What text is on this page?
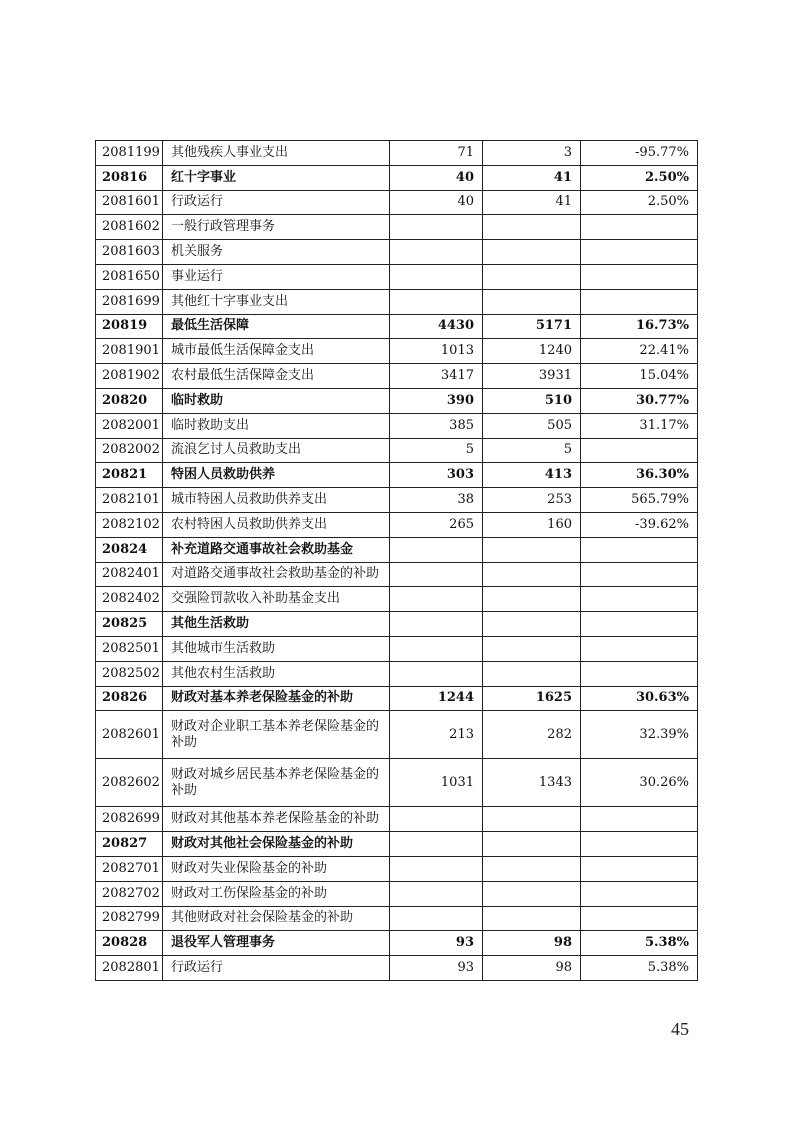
2081199	其他残疾人事业支出	71	3	-95.77%
20816	红十字事业	40	41	2.50%
2081601	行政运行	40	41	2.50%
2081602	一般行政管理事务			
2081603	机关服务			
2081650	事业运行			
2081699	其他红十字事业支出			
20819	最低生活保障	4430	5171	16.73%
2081901	城市最低生活保障金支出	1013	1240	22.41%
2081902	农村最低生活保障金支出	3417	3931	15.04%
20820	临时救助	390	510	30.77%
2082001	临时救助支出	385	505	31.17%
2082002	流浪乞讨人员救助支出	5	5	
20821	特困人员救助供养	303	413	36.30%
2082101	城市特困人员救助供养支出	38	253	565.79%
2082102	农村特困人员救助供养支出	265	160	-39.62%
20824	补充道路交通事故社会救助基金			
2082401	对道路交通事故社会救助基金的补助			
2082402	交强险罚款收入补助基金支出			
20825	其他生活救助			
2082501	其他城市生活救助			
2082502	其他农村生活救助			
20826	财政对基本养老保险基金的补助	1244	1625	30.63%
2082601	财政对企业职工基本养老保险基金的补助	213	282	32.39%
2082602	财政对城乡居民基本养老保险基金的补助	1031	1343	30.26%
2082699	财政对其他基本养老保险基金的补助			
20827	财政对其他社会保险基金的补助			
2082701	财政对失业保险基金的补助			
2082702	财政对工伤保险基金的补助			
2082799	其他财政对社会保险基金的补助			
20828	退役军人管理事务	93	98	5.38%
2082801	行政运行	93	98	5.38%
45
